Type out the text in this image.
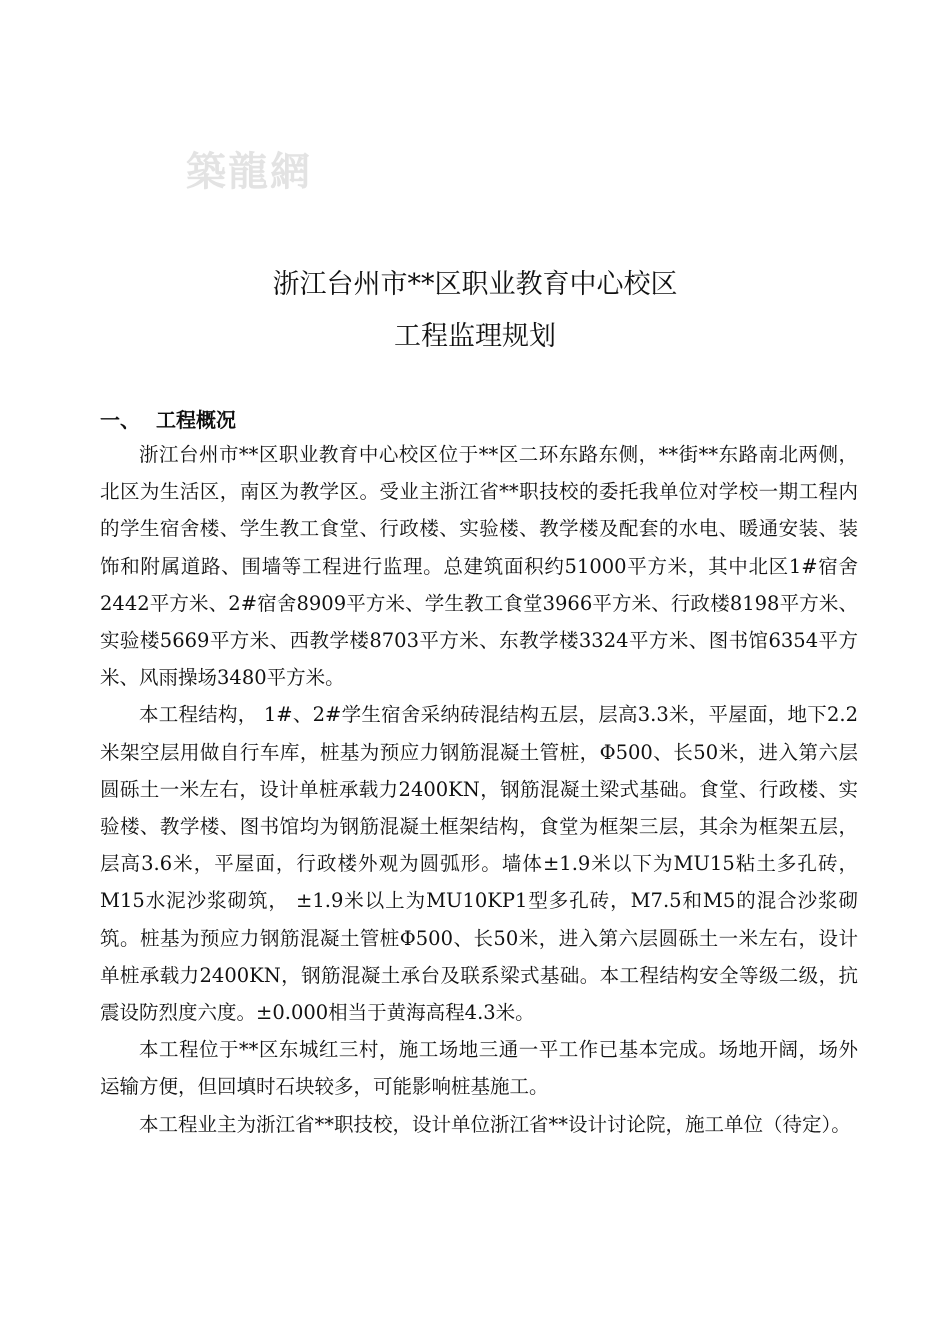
築龍網
浙江台州市**区职业教育中心校区
工程监理规划
一、 工程概况

浙江台州市**区职业教育中心校区位于**区二环东路东侧，**街**东路南北两侧，北区为生活区，南区为教学区。受业主浙江省**职技校的委托我单位对学校一期工程内的学生宿舍楼、学生教工食堂、行政楼、实验楼、教学楼及配套的水电、暖通安装、装饰和附属道路、围墙等工程进行监理。总建筑面积约51000平方米，其中北区1#宿舍2442平方米、2#宿舍8909平方米、学生教工食堂3966平方米、行政楼8198平方米、实验楼5669平方米、西教学楼8703平方米、东教学楼3324平方米、图书馆6354平方米、风雨操场3480平方米。

本工程结构， 1#、2#学生宿舍采纳砖混结构五层，层高3.3米，平屋面，地下2.2米架空层用做自行车库，桩基为预应力钢筋混凝土管桩，Φ500、长50米，进入第六层圆砾土一米左右，设计单桩承载力2400KN，钢筋混凝土梁式基础。食堂、行政楼、实验楼、教学楼、图书馆均为钢筋混凝土框架结构，食堂为框架三层，其余为框架五层，层高3.6米，平屋面，行政楼外观为圆弧形。墙体±1.9米以下为MU15粘土多孔砖，M15水泥沙浆砌筑， ±1.9米以上为MU10KP1型多孔砖，M7.5和M5的混合沙浆砌筑。桩基为预应力钢筋混凝土管桩Φ500、长50米，进入第六层圆砾土一米左右，设计单桩承载力2400KN，钢筋混凝土承台及联系梁式基础。本工程结构安全等级二级，抗震设防烈度六度。±0.000相当于黄海高程4.3米。

本工程位于**区东城红三村，施工场地三通一平工作已基本完成。场地开阔，场外运输方便，但回填时石块较多，可能影响桩基施工。

本工程业主为浙江省**职技校，设计单位浙江省**设计讨论院，施工单位（待定）。
